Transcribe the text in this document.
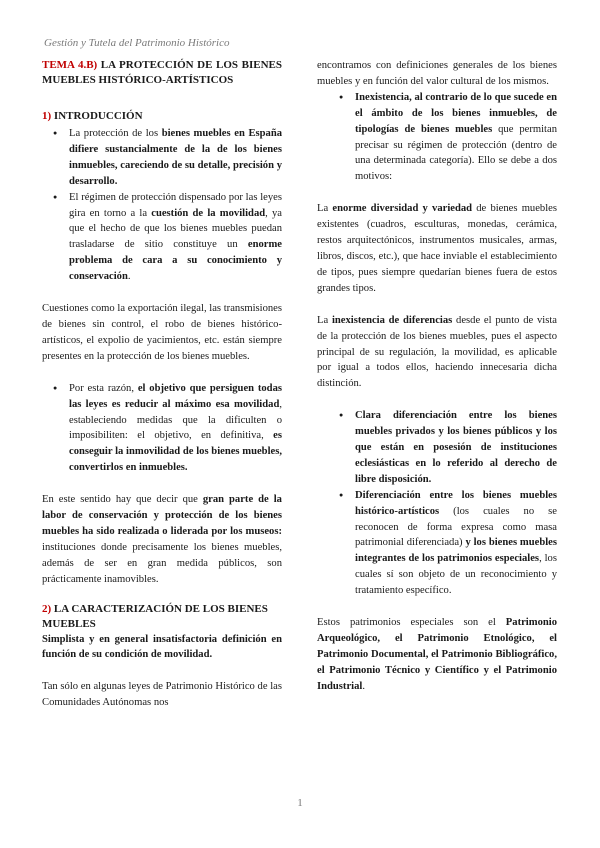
Gestión y Tutela del Patrimonio Histórico
TEMA 4.B) LA PROTECCIÓN DE LOS BIENES MUEBLES HISTÓRICO-ARTÍSTICOS
1) INTRODUCCIÓN
● La protección de los bienes muebles en España difiere sustancialmente de la de los bienes inmuebles, careciendo de su detalle, precisión y desarrollo.
● El régimen de protección dispensado por las leyes gira en torno a la cuestión de la movilidad, ya que el hecho de que los bienes muebles puedan trasladarse de sitio constituye un enorme problema de cara a su conocimiento y conservación.

Cuestiones como la exportación ilegal, las transmisiones de bienes sin control, el robo de bienes histórico-artísticos, el expolio de yacimientos, etc. están siempre presentes en la protección de los bienes muebles.

● Por esta razón, el objetivo que persiguen todas las leyes es reducir al máximo esa movilidad, estableciendo medidas que la dificulten o imposibiliten: el objetivo, en definitiva, es conseguir la inmovilidad de los bienes muebles, convertirlos en inmuebles.

En este sentido hay que decir que gran parte de la labor de conservación y protección de los bienes muebles ha sido realizada o liderada por los museos: instituciones donde precisamente los bienes muebles, además de ser en gran medida públicos, son prácticamente inamovibles.

2) LA CARACTERIZACIÓN DE LOS BIENES MUEBLES

Simplista y en general insatisfactoria definición en función de su condición de movilidad.

Tan sólo en algunas leyes de Patrimonio Histórico de las Comunidades Autónomas nos

encontramos con definiciones generales de los bienes muebles y en función del valor cultural de los mismos.

● Inexistencia, al contrario de lo que sucede en el ámbito de los bienes inmuebles, de tipologías de bienes muebles que permitan precisar su régimen de protección (dentro de una determinada categoría). Ello se debe a dos motivos:

La enorme diversidad y variedad de bienes muebles existentes (cuadros, esculturas, monedas, cerámica, restos arquitectónicos, instrumentos musicales, armas, libros, discos, etc.), que hace inviable el establecimiento de tipos, pues siempre quedarían bienes fuera de estos grandes tipos.

La inexistencia de diferencias desde el punto de vista de la protección de los bienes muebles, pues el aspecto principal de su regulación, la movilidad, es aplicable por igual a todos ellos, haciendo innecesaria dicha distinción.

● Clara diferenciación entre los bienes muebles privados y los bienes públicos y los que están en posesión de instituciones eclesiásticas en lo referido al derecho de libre disposición.
● Diferenciación entre los bienes muebles histórico-artísticos (los cuales no se reconocen de forma expresa como masa patrimonial diferenciada) y los bienes muebles integrantes de los patrimonios especiales, los cuales sí son objeto de un reconocimiento y tratamiento específico.

Estos patrimonios especiales son el Patrimonio Arqueológico, el Patrimonio Etnológico, el Patrimonio Documental, el Patrimonio Bibliográfico, el Patrimonio Técnico y Científico y el Patrimonio Industrial.

1
